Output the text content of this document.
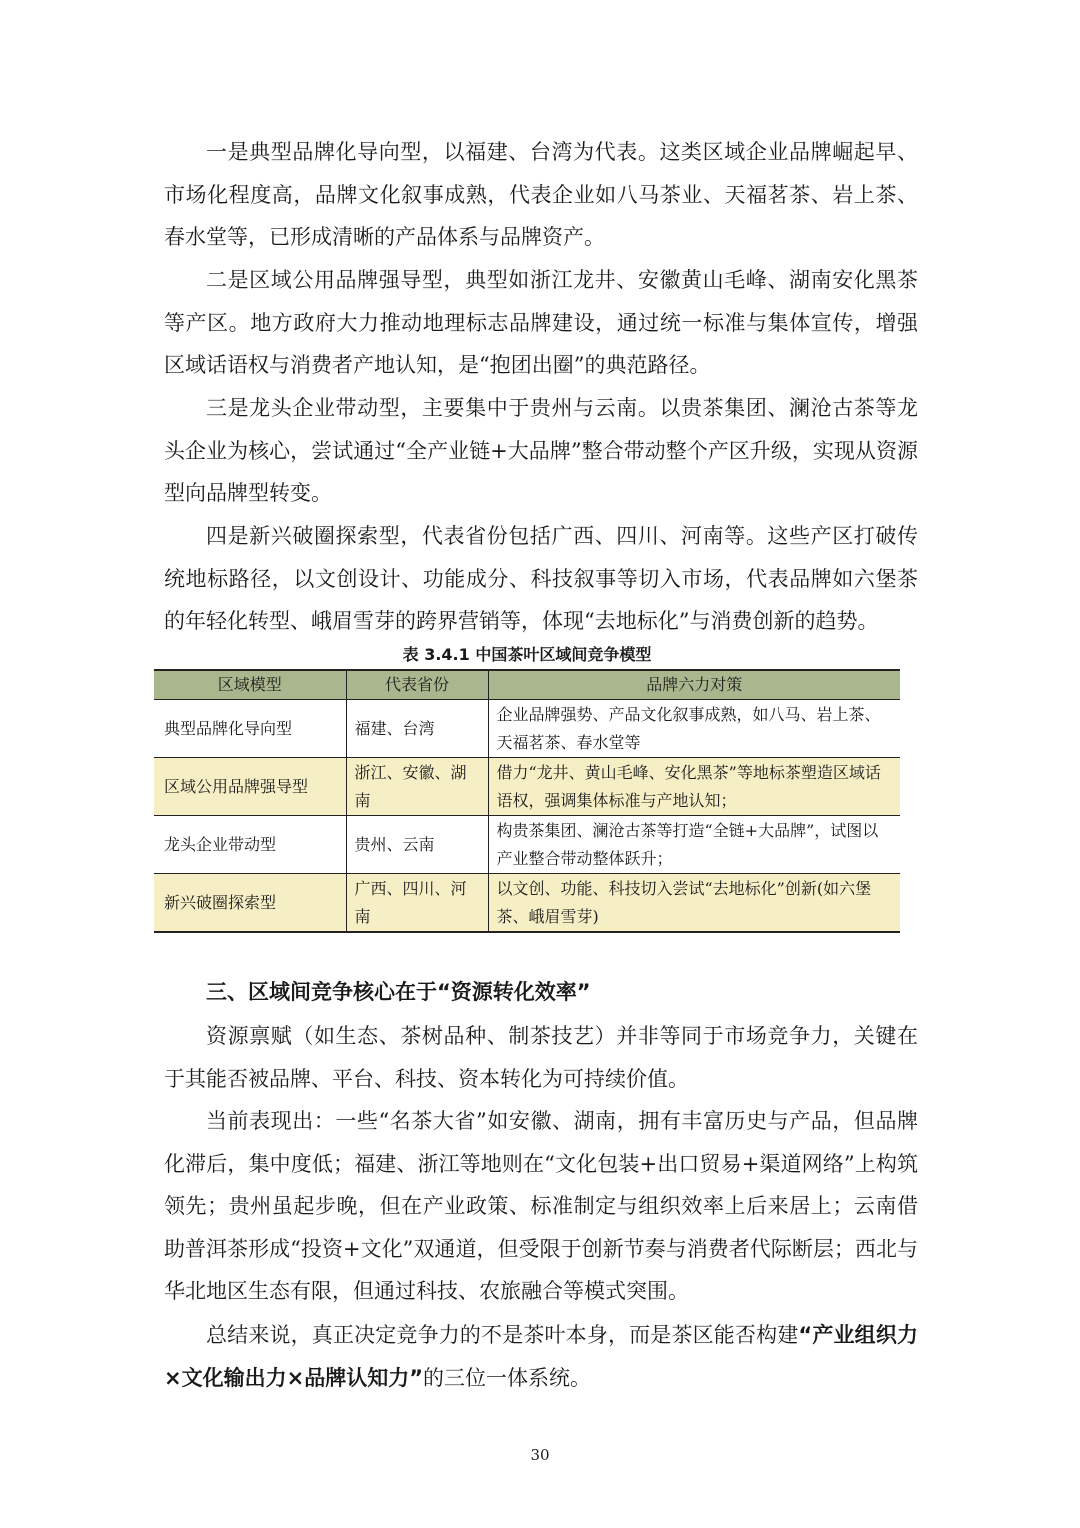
一是典型品牌化导向型，以福建、台湾为代表。这类区域企业品牌崛起早、市场化程度高，品牌文化叙事成熟，代表企业如八马茶业、天福茗茶、岩上茶、春水堂等，已形成清晰的产品体系与品牌资产。

二是区域公用品牌强导型，典型如浙江龙井、安徽黄山毛峰、湖南安化黑茶等产区。地方政府大力推动地理标志品牌建设，通过统一标准与集体宣传，增强区域话语权与消费者产地认知，是“抱团出圈”的典范路径。

三是龙头企业带动型，主要集中于贵州与云南。以贵茶集团、澜沧古茶等龙头企业为核心，尝试通过“全产业链+大品牌”整合带动整个产区升级，实现从资源型向品牌型转变。

四是新兴破圈探索型，代表省份包括广西、四川、河南等。这些产区打破传统地标路径，以文创设计、功能成分、科技叙事等切入市场，代表品牌如六堡茶的年轻化转型、峨眉雪芽的跨界营销等，体现“去地标化”与消费创新的趋势。

表 3.4.1 中国茶叶区域间竞争模型

区域模型	代表省份	品牌六力对策
典型品牌化导向型	福建、台湾	企业品牌强势、产品文化叙事成熟，如八马、岩上茶、天福茗茶、春水堂等
区域公用品牌强导型	浙江、安徽、湖南	借力“龙井、黄山毛峰、安化黑茶”等地标茶塑造区域话语权，强调集体标准与产地认知；
龙头企业带动型	贵州、云南	构贵茶集团、澜沧古茶等打造“全链+大品牌”，试图以产业整合带动整体跃升；
新兴破圈探索型	广西、四川、河南	以文创、功能、科技切入尝试“去地标化”创新(如六堡茶、峨眉雪芽)
三、区域间竞争核心在于“资源转化效率”

资源禀赋（如生态、茶树品种、制茶技艺）并非等同于市场竞争力，关键在于其能否被品牌、平台、科技、资本转化为可持续价值。

当前表现出：一些“名茶大省”如安徽、湖南，拥有丰富历史与产品，但品牌化滞后，集中度低；福建、浙江等地则在“文化包装+出口贸易+渠道网络”上构筑领先；贵州虽起步晚，但在产业政策、标准制定与组织效率上后来居上；云南借助普洱茶形成“投资+文化”双通道，但受限于创新节奏与消费者代际断层；西北与华北地区生态有限，但通过科技、农旅融合等模式突围。

总结来说，真正决定竞争力的不是茶叶本身，而是茶区能否构建“产业组织力×文化输出力×品牌认知力”的三位一体系统。

30
